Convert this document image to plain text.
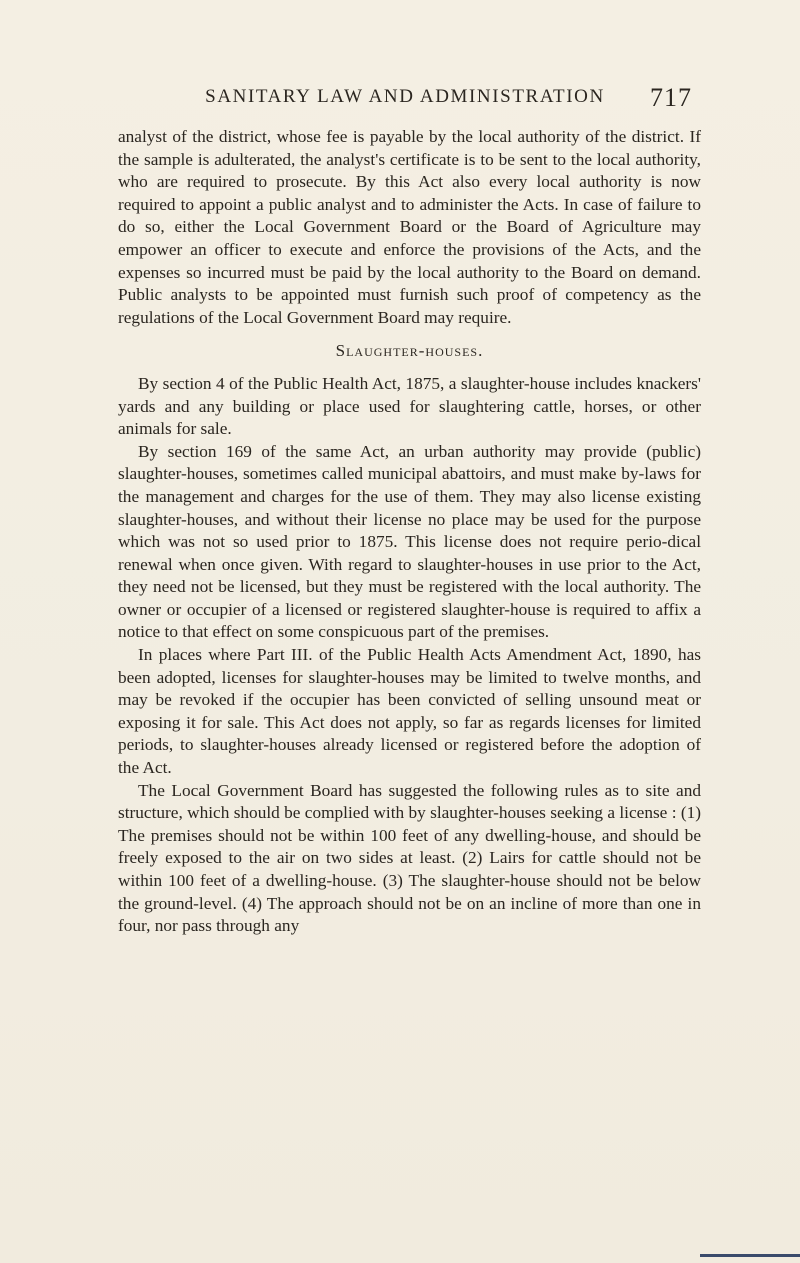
SANITARY LAW AND ADMINISTRATION 717

analyst of the district, whose fee is payable by the local authority of the district. If the sample is adulterated, the analyst's certificate is to be sent to the local authority, who are required to prosecute. By this Act also every local authority is now required to appoint a public analyst and to administer the Acts. In case of failure to do so, either the Local Government Board or the Board of Agriculture may empower an officer to execute and enforce the provisions of the Acts, and the expenses so incurred must be paid by the local authority to the Board on demand. Public analysts to be appointed must furnish such proof of competency as the regulations of the Local Government Board may require.

Slaughter-houses.

By section 4 of the Public Health Act, 1875, a slaughter-house includes knackers' yards and any building or place used for slaughtering cattle, horses, or other animals for sale.

By section 169 of the same Act, an urban authority may provide (public) slaughter-houses, sometimes called municipal abattoirs, and must make by-laws for the management and charges for the use of them. They may also license existing slaughter-houses, and without their license no place may be used for the purpose which was not so used prior to 1875. This license does not require perio-dical renewal when once given. With regard to slaughter-houses in use prior to the Act, they need not be licensed, but they must be registered with the local authority. The owner or occupier of a licensed or registered slaughter-house is required to affix a notice to that effect on some conspicuous part of the premises.

In places where Part III. of the Public Health Acts Amendment Act, 1890, has been adopted, licenses for slaughter-houses may be limited to twelve months, and may be revoked if the occupier has been convicted of selling unsound meat or exposing it for sale. This Act does not apply, so far as regards licenses for limited periods, to slaughter-houses already licensed or registered before the adoption of the Act.

The Local Government Board has suggested the following rules as to site and structure, which should be complied with by slaughter-houses seeking a license : (1) The premises should not be within 100 feet of any dwelling-house, and should be freely exposed to the air on two sides at least. (2) Lairs for cattle should not be within 100 feet of a dwelling-house. (3) The slaughter-house should not be below the ground-level. (4) The approach should not be on an incline of more than one in four, nor pass through any
